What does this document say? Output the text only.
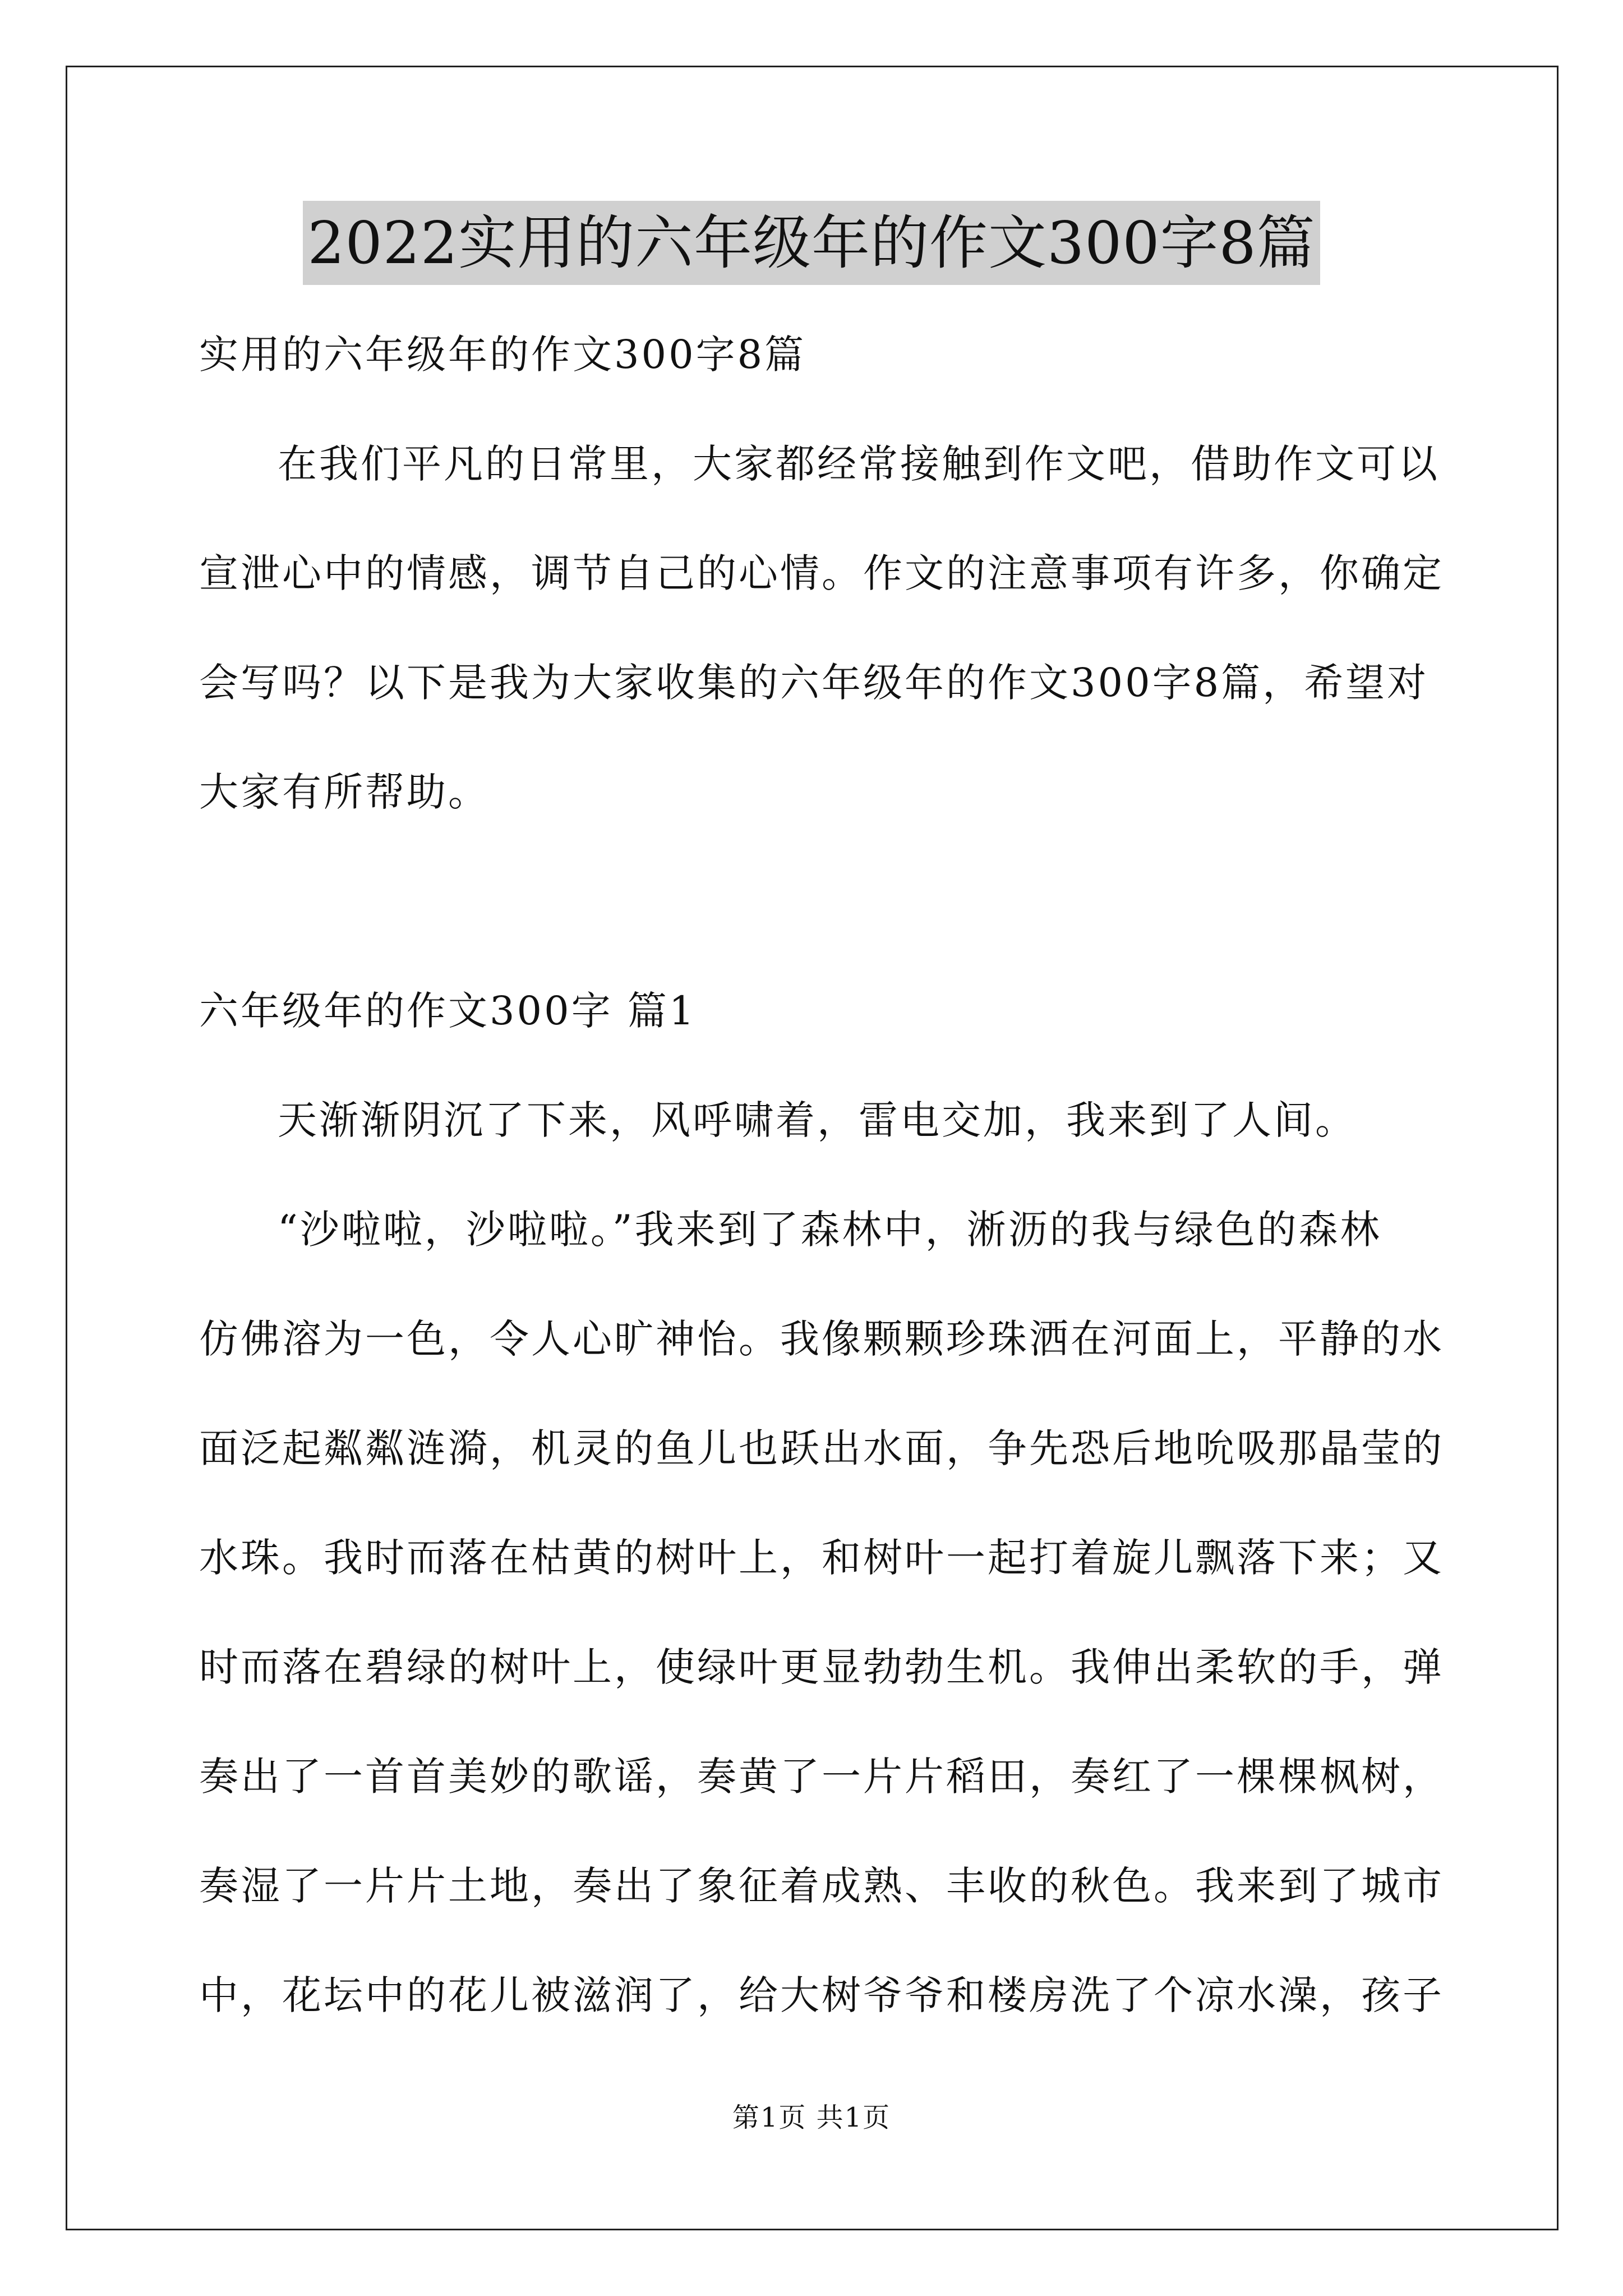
2022实用的六年级年的作文300字8篇
实用的六年级年的作文300字8篇
在我们平凡的日常里，大家都经常接触到作文吧，借助作文可以
宣泄心中的情感，调节自己的心情。作文的注意事项有许多，你确定
会写吗？以下是我为大家收集的六年级年的作文300字8篇，希望对
大家有所帮助。
六年级年的作文300字 篇1
天渐渐阴沉了下来，风呼啸着，雷电交加，我来到了人间。
“沙啦啦，沙啦啦。”我来到了森林中，淅沥的我与绿色的森林
仿佛溶为一色，令人心旷神怡。我像颗颗珍珠洒在河面上，平静的水
面泛起粼粼涟漪，机灵的鱼儿也跃出水面，争先恐后地吮吸那晶莹的
水珠。我时而落在枯黄的树叶上，和树叶一起打着旋儿飘落下来；又
时而落在碧绿的树叶上，使绿叶更显勃勃生机。我伸出柔软的手，弹
奏出了一首首美妙的歌谣，奏黄了一片片稻田，奏红了一棵棵枫树，
奏湿了一片片土地，奏出了象征着成熟、丰收的秋色。我来到了城市
中，花坛中的花儿被滋润了，给大树爷爷和楼房洗了个凉水澡，孩子
第1页 共1页
